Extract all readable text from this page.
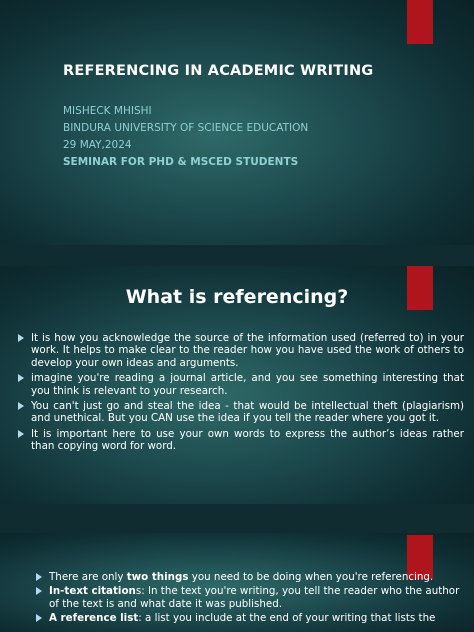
REFERENCING IN ACADEMIC WRITING
MISHECK MHISHI
BINDURA UNIVERSITY OF SCIENCE EDUCATION
29 MAY,2024
SEMINAR FOR PHD & MSCED STUDENTS
What is referencing?
It is how you acknowledge the source of the information used (referred to) in your work. It helps to make clear to the reader how you have used the work of others to develop your own ideas and arguments.
imagine you're reading a journal article, and you see something interesting that you think is relevant to your research.
You can't just go and steal the idea - that would be intellectual theft (plagiarism) and unethical. But you CAN use the idea if you tell the reader where you got it.
It is important here to use your own words to express the author’s ideas rather than copying word for word.
There are only two things you need to be doing when you're referencing.
In-text citations: In the text you're writing, you tell the reader who the author of the text is and what date it was published.
A reference list: a list you include at the end of your writing that lists the
